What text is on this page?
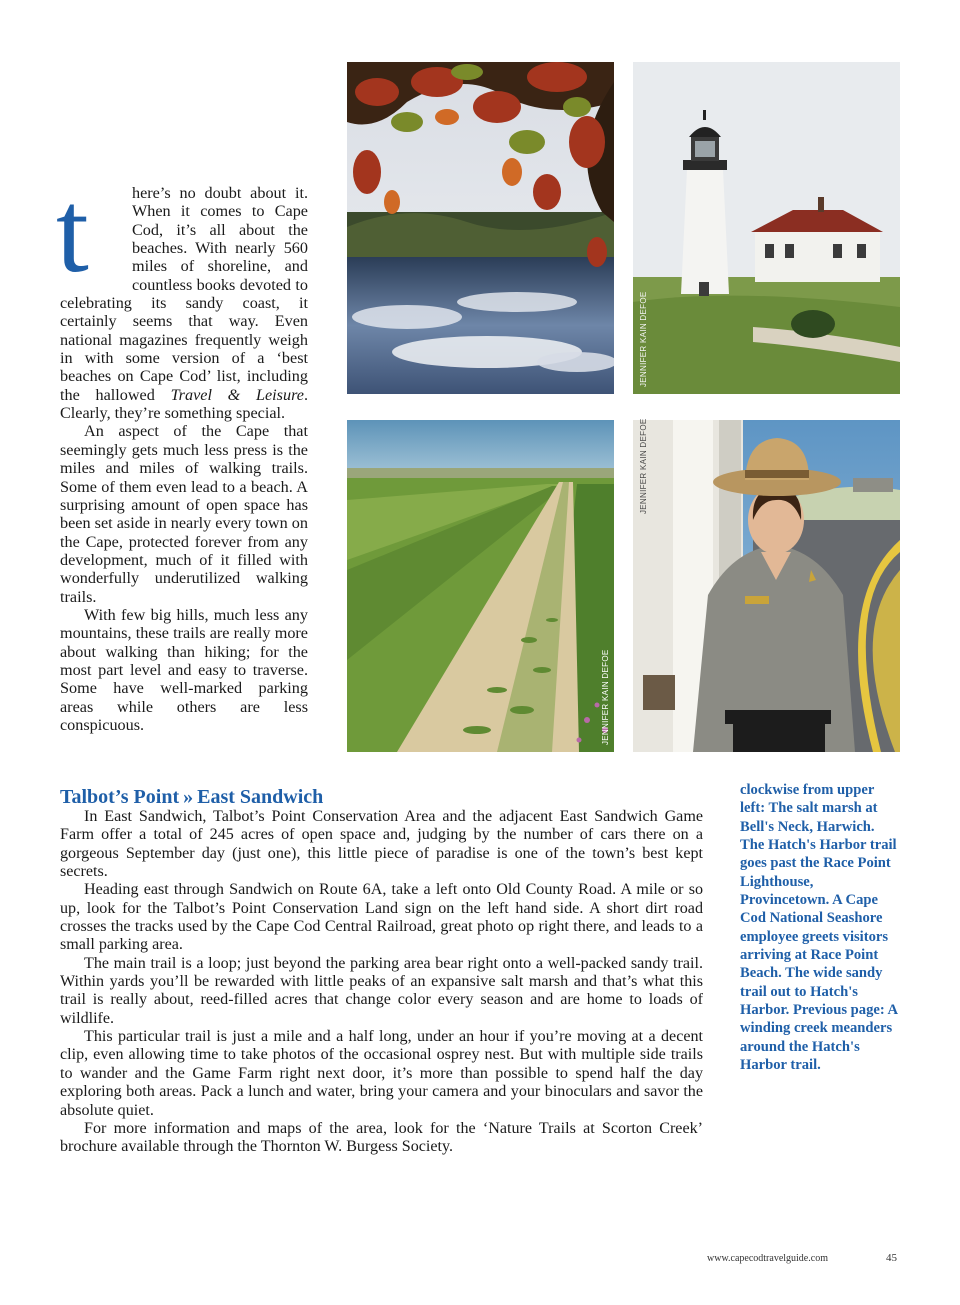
t	here’s no doubt about it. When it comes to Cape Cod, it’s all about the beaches. With nearly 560 miles of shoreline, and countless books devoted to celebrating its sandy coast, it certainly seems that way. Even national magazines frequently weigh in with some version of a ‘best beaches on Cape Cod’ list, including the hallowed Travel & Leisure. Clearly, they’re something special.

An aspect of the Cape that seemingly gets much less press is the miles and miles of walking trails. Some of them even lead to a beach. A surprising amount of open space has been set aside in nearly every town on the Cape, protected forever from any development, much of it filled with wonderfully underutilized walking trails.

With few big hills, much less any mountains, these trails are really more about walking than hiking; for the most part level and easy to traverse. Some have well-marked parking areas while others are less conspicuous.

JENNIFER KAIN DEFOE
JENNIFER KAIN DEFOE
JENNIFER KAIN DEFOE
Talbot’s Point » East Sandwich

In East Sandwich, Talbot’s Point Conservation Area and the adjacent East Sandwich Game Farm offer a total of 245 acres of open space and, judging by the number of cars there on a gorgeous September day (just one), this little piece of paradise is one of the town’s best kept secrets.

Heading east through Sandwich on Route 6A, take a left onto Old County Road. A mile or so up, look for the Talbot’s Point Conservation Land sign on the left hand side. A short dirt road crosses the tracks used by the Cape Cod Central Railroad, great photo op right there, and leads to a small parking area.

The main trail is a loop; just beyond the parking area bear right onto a well-packed sandy trail. Within yards you’ll be rewarded with little peaks of an expansive salt marsh and that’s what this trail is really about, reed-filled acres that change color every season and are home to loads of wildlife.

This particular trail is just a mile and a half long, under an hour if you’re moving at a decent clip, even allowing time to take photos of the occasional osprey nest. But with multiple side trails to wander and the Game Farm right next door, it’s more than possible to spend half the day exploring both areas. Pack a lunch and water, bring your camera and your binoculars and savor the absolute quiet.

For more information and maps of the area, look for the ‘Nature Trails at Scorton Creek’ brochure available through the Thornton W. Burgess Society.

clockwise from upper left: The salt marsh at Bell's Neck, Harwich. The Hatch's Harbor trail goes past the Race Point Lighthouse, Provincetown. A Cape Cod National Seashore employee greets visitors arriving at Race Point Beach. The wide sandy trail out to Hatch's Harbor. Previous page: A winding creek meanders around the Hatch's Harbor trail.
www.capecodtravelguide.com	45
